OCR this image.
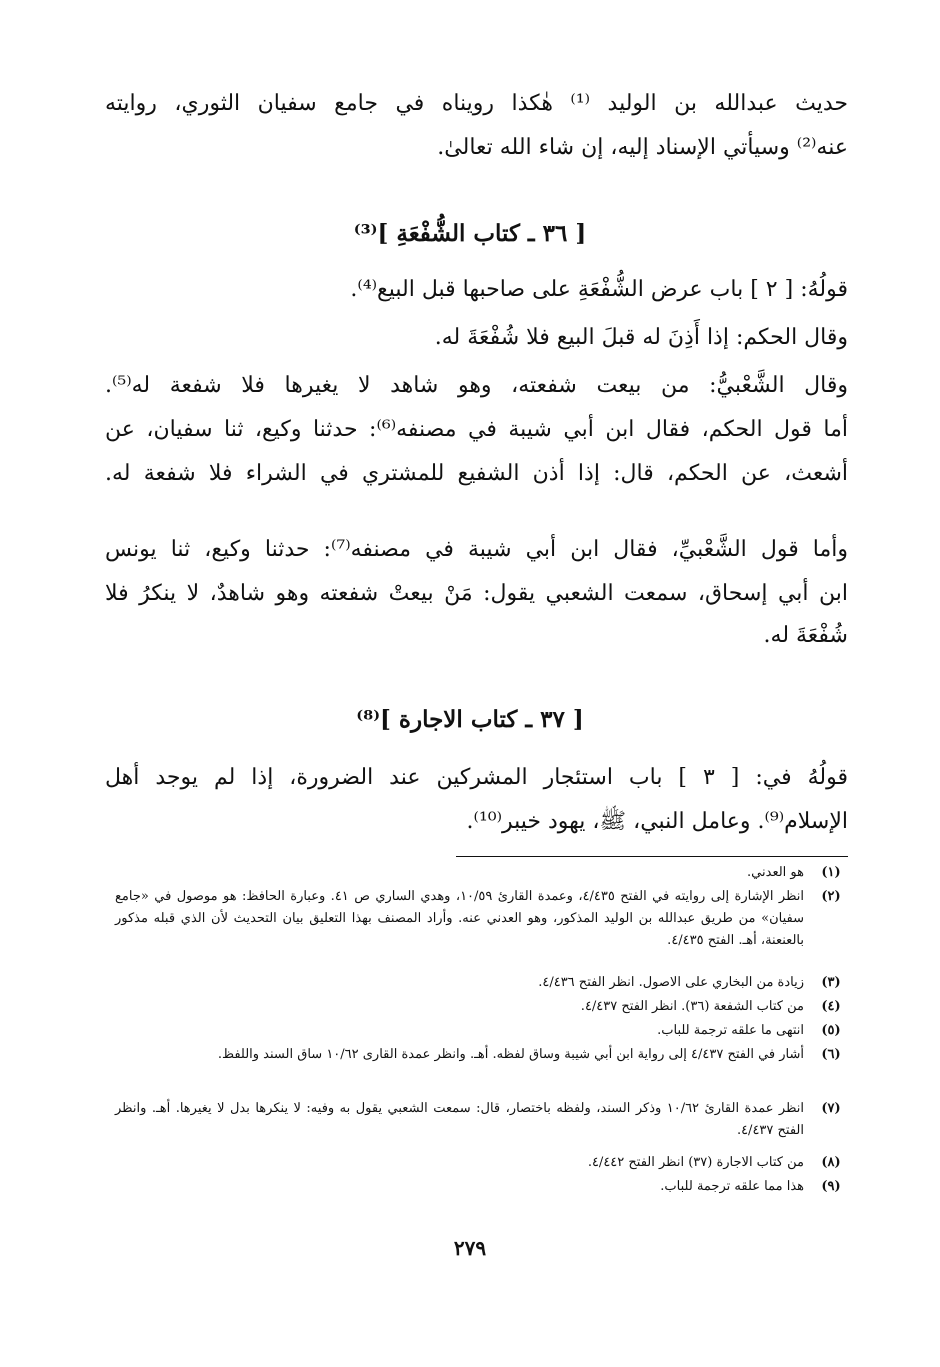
حديث عبدالله بن الوليد ⁽¹⁾ هٰكذا رويناه في جامع سفيان الثوري، روايته
عنه⁽²⁾ وسيأتي الإسناد إليه، إن شاء الله تعالىٰ.
[ ٣٦ ـ كتاب الشُّفْعَةِ ]⁽³⁾
قولُهُ: [ ٢ ] باب عرض الشُّفْعَةِ على صاحبها قبل البيع⁽⁴⁾.
وقال الحكم: إذا أَذِنَ له قبلَ البيع فلا شُفْعَةَ له.
وقال الشَّعْبيُّ: من بيعت شفعته، وهو شاهد لا يغيرها فلا شفعة له⁽⁵⁾.
أما قول الحكم، فقال ابن أبي شيبة في مصنفه⁽⁶⁾: حدثنا وكيع، ثنا سفيان، عن
أشعث، عن الحكم، قال: إذا أذن الشفيع للمشتري في الشراء فلا شفعة له.
وأما قول الشَّعْبيِّ، فقال ابن أبي شيبة في مصنفه⁽⁷⁾: حدثنا وكيع، ثنا يونس
ابن أبي إسحاق، سمعت الشعبي يقول: مَنْ بيعتْ شفعته وهو شاهدٌ، لا ينكرُ فلا
شُفْعَةَ له.
[ ٣٧ ـ كتاب الاجارة ]⁽⁸⁾
قولُهُ في: [ ٣ ] باب استئجار المشركين عند الضرورة، إذا لم يوجد أهل
الإسلام⁽⁹⁾. وعامل النبي، ﷺ، يهود خيبر⁽¹⁰⁾.
(١)
هو العدني.
(٢)
انظر الإشارة إلى روايته في الفتح ٤/٤٣٥، وعمدة القارئ ١٠/٥٩، وهدي الساري ص ٤١. وعبارة الحافظ: هو موصول في «جامع سفيان» من طريق عبدالله بن الوليد المذكور، وهو العدني عنه. وأراد المصنف بهذا التعليق بيان التحديث لأن الذي قبله مذكور بالعنعنة، أهـ. الفتح ٤/٤٣٥.
(٣)
زيادة من البخاري على الاصول. انظر الفتح ٤/٤٣٦.
(٤)
من كتاب الشفعة (٣٦). انظر الفتح ٤/٤٣٧.
(٥)
انتهى ما علقه ترجمة للباب.
(٦)
أشار في الفتح ٤/٤٣٧ إلى رواية ابن أبي شيبة وساق لفظه. أهـ. وانظر عمدة القارى ١٠/٦٢ ساق السند واللفظ.
(٧)
انظر عمدة القارئ ١٠/٦٢ وذكر السند، ولفظه باختصار، قال: سمعت الشعبي يقول به وفيه: لا ينكرها بدل لا يغيرها. أهـ. وانظر الفتح ٤/٤٣٧.
(٨)
من كتاب الاجارة (٣٧) انظر الفتح ٤/٤٤٢.
(٩)
هذا مما علقه ترجمة للباب.
٢٧٩
